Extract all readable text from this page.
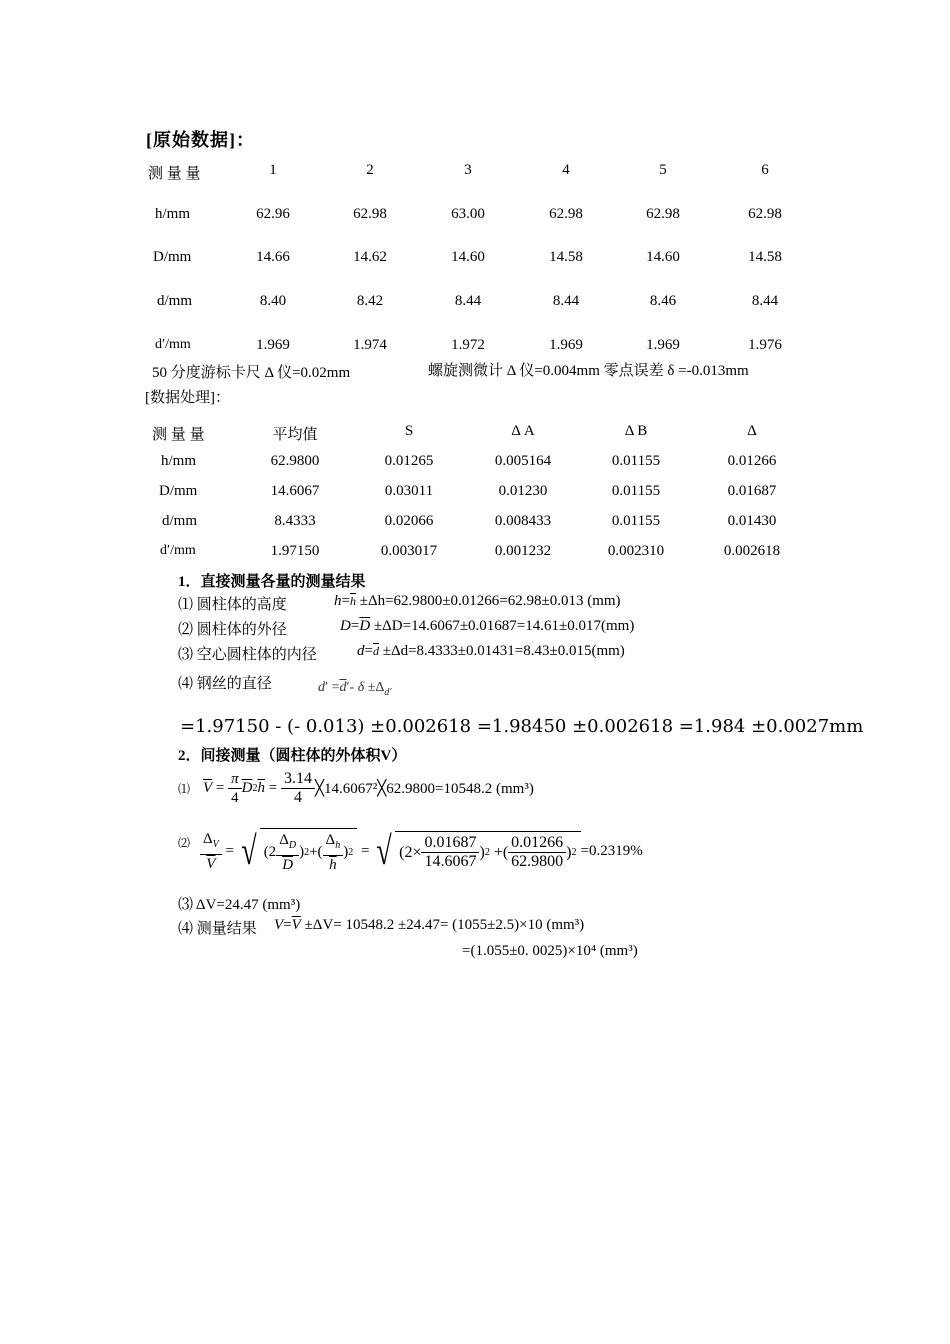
[原始数据]：
测 量 量	1	2	3	4	5	6
h/mm	62.96	62.98	63.00	62.98	62.98	62.98
D/mm	14.66	14.62	14.60	14.58	14.60	14.58
d/mm	8.40	8.42	8.44	8.44	8.46	8.44
d′/mm	1.969	1.974	1.972	1.969	1.969	1.976
50 分度游标卡尺 Δ 仪=0.02mm	螺旋测微计 Δ 仪=0.004mm 零点误差 δ =-0.013mm
[数据处理]：
测 量 量	平均值	S	Δ A	Δ B	Δ
h/mm	62.9800	0.01265	0.005164	0.01155	0.01266
D/mm	14.6067	0.03011	0.01230	0.01155	0.01687
d/mm	8.4333	0.02066	0.008433	0.01155	0.01430
d′/mm	1.97150	0.003017	0.001232	0.002310	0.002618
1．直接测量各量的测量结果
⑴ 圆柱体的高度	$h=\overline{h} \pm\Delta h=62.9800\pm 0.01266=62.98\pm 0.013$ (mm)
⑵ 圆柱体的外径	$D=\overline{D} \pm\Delta D=14.6067\pm 0.01687=14.61\pm 0.017(mm)$
⑶ 空心圆柱体的内径	$d=\overline{d} \pm\Delta d=8.4333\pm 0.01431=8.43\pm 0.015(mm)$
⑷ 钢丝的直径	$d' =\overline{d}'-$ $\delta \pm\Delta_{d'}$
=1.97150 - (- 0.013) ±0.002618 =1.98450 ±0.002618 =1.984 ±0.0027mm
2．间接测量（圆柱体的外体积V）
⑴ $\overline{V} = \frac{\pi}{4} \overline{D}$ 2 $\overline{h} = \frac{3.14}{4}$ ╳14.6067²╳62.9800=10548.2 (mm³)
⑵ $\frac{\Delta_V}{V}$ = √ ($2 \frac{\Delta_D}{D}$ ) 2 +( $\frac{\Delta_h}{h}$ ) 2 = √ ($2\times \frac{0.01687}{14.6067}$ ) 2 +( $\frac{0.01266}{62.9800}$ ) 2 =0.2319%
⑶ ΔV=24.47 (mm³)
⑷ 测量结果 $V=\overline{V} \pm\Delta V= 10548.2 \pm 24.47= (1055\pm 2.5)\times 10$ (mm³)
=(1.055±0. 0025)×10⁴ (mm³)
